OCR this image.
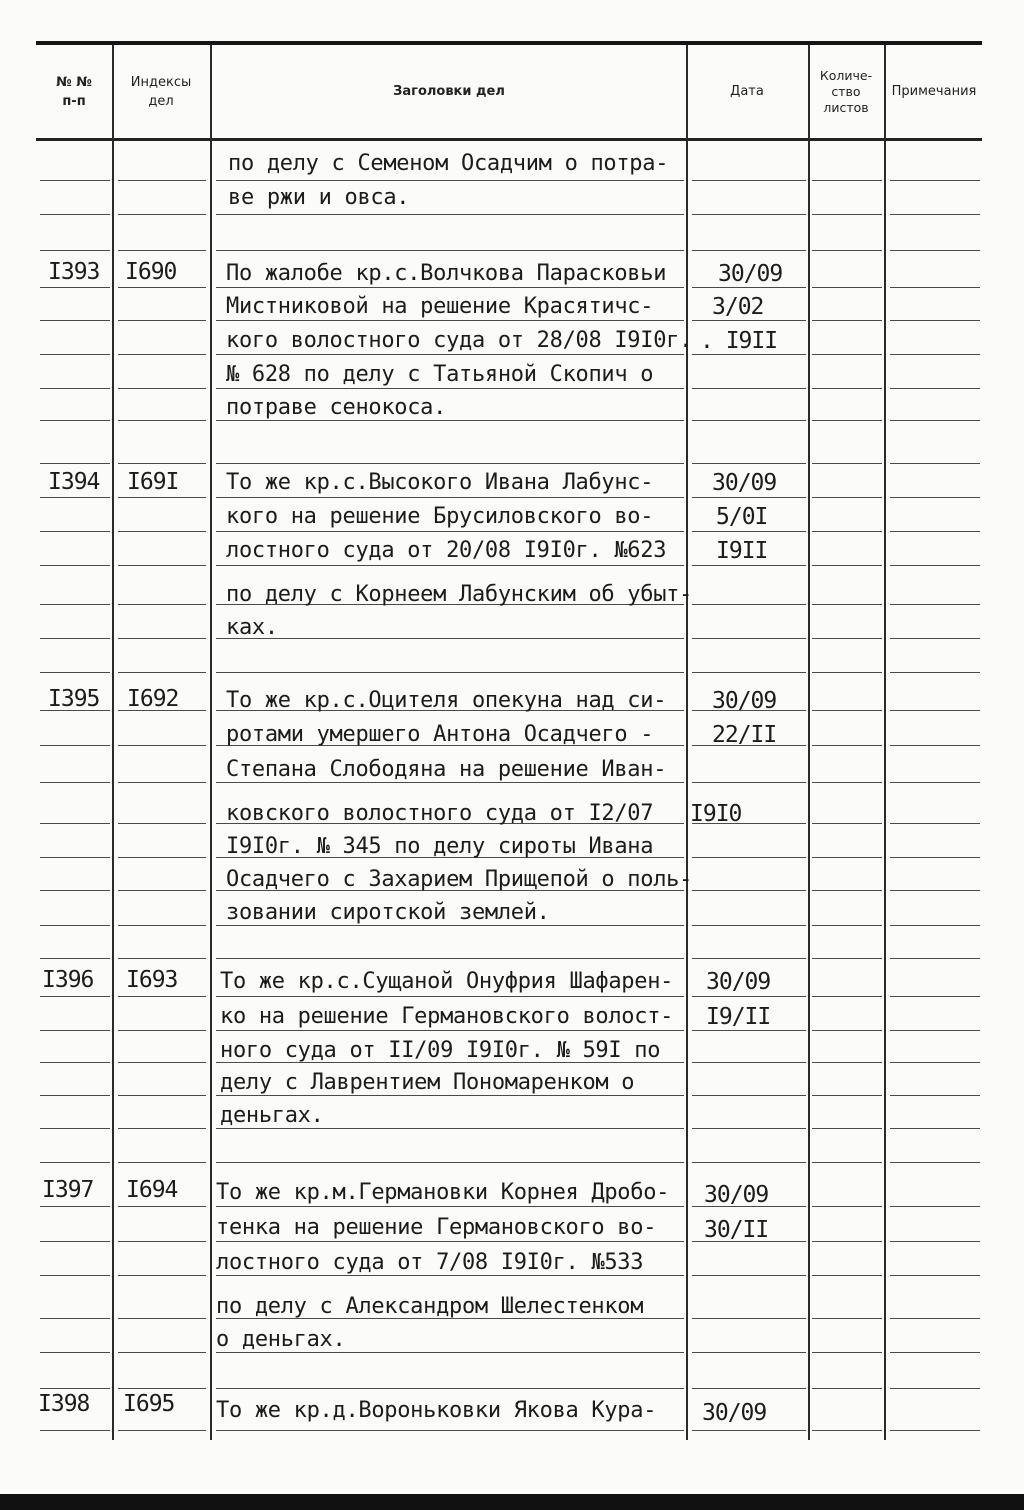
№ №
п-п
Индексы
дел
Заголовки дел	Дата
Количе-
ство
листов
Примечания
по делу с Семеном Осадчим о потра-
ве ржи и овса.
I393 I690 По жалобе кр.с.Волчкова Парасковьи
Мистниковой на решение Красятичс-
кого волостного суда от 28/08 I9I0г.
№ 628 по делу с Татьяной Скопич о
потраве сенокоса.
30/09
3/02
. I9II
I394 I69I То же кр.с.Высокого Ивана Лабунс-
кого на решение Брусиловского во-
лостного суда от 20/08 I9I0г. №623
по делу с Корнеем Лабунским об убыт-
ках.
30/09
5/0I
I9II
I395 I692 То же кр.с.Оцителя опекуна над си-
ротами умершего Антона Осадчего -
Степана Слободяна на решение Иван-
ковского волостного суда от I2/07
I9I0г. № 345 по делу сироты Ивана
Осадчего с Захарием Прищепой о поль-
зовании сиротской землей.
30/09
22/II
I9I0
I396 I693 То же кр.с.Сущаной Онуфрия Шафарен-
ко на решение Германовского волост-
ного суда от II/09 I9I0г. № 59I по
делу с Лаврентием Пономаренком о
деньгах.
30/09
I9/II
I397 I694 То же кр.м.Германовки Корнея Дробо-
тенка на решение Германовского во-
лостного суда от 7/08 I9I0г. №533
по делу с Александром Шелестенком
о деньгах.
30/09
30/II
I398 I695 То же кр.д.Вороньковки Якова Кура- 30/09
